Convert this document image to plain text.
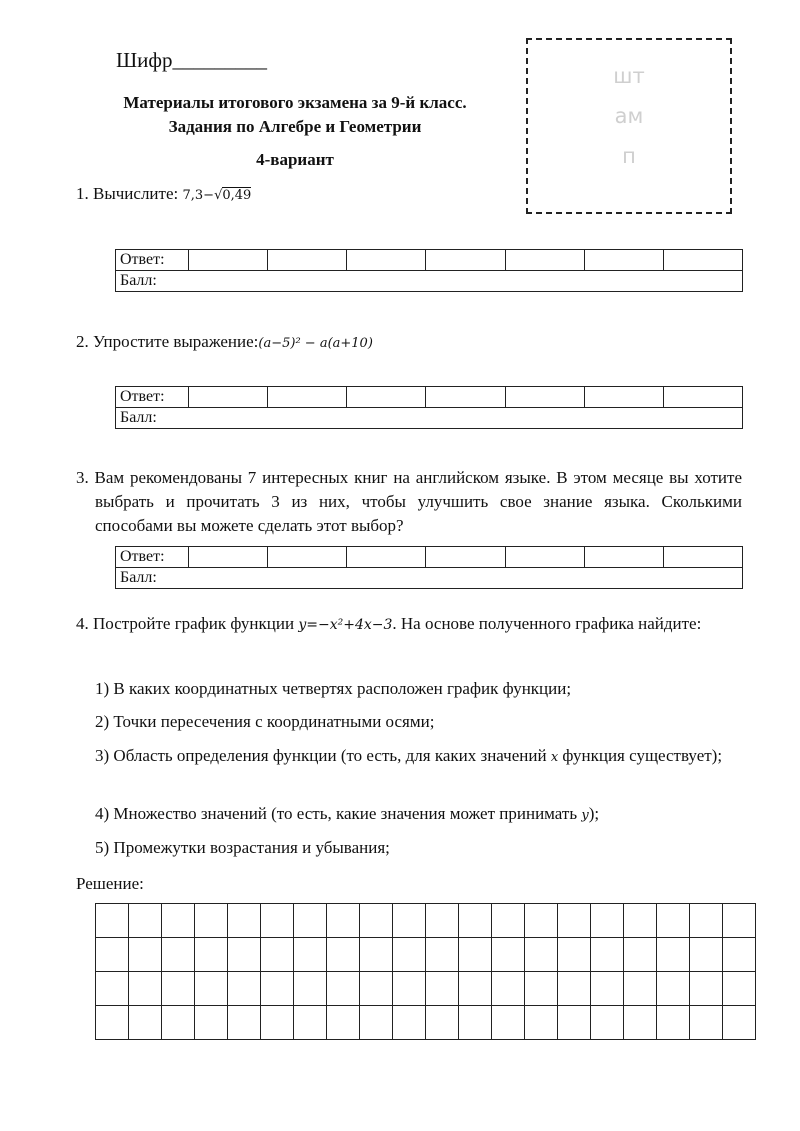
Шифр_________
Материалы итогового экзамена за 9-й класс.
Задания по Алгебре и Геометрии
4-вариант
шт
ам
п
1. Вычислите: 7,3−√0,49
Ответ:							
Балл:
2. Упростите выражение:(a−5)² − a(a+10)
Ответ:							
Балл:
3. Вам рекомендованы 7 интересных книг на английском языке. В этом месяце вы хотите выбрать и прочитать 3 из них, чтобы улучшить свое знание языка. Сколькими способами вы можете сделать этот выбор?
Ответ:							
Балл:
4. Постройте график функции y=−x²+4x−3. На основе полученного графика найдите:
1) В каких координатных четвертях расположен график функции;
2) Точки пересечения с координатными осями;
3) Область определения функции (то есть, для каких значений x функция существует);
4) Множество значений (то есть, какие значения может принимать y);
5) Промежутки возрастания и убывания;
Решение:
